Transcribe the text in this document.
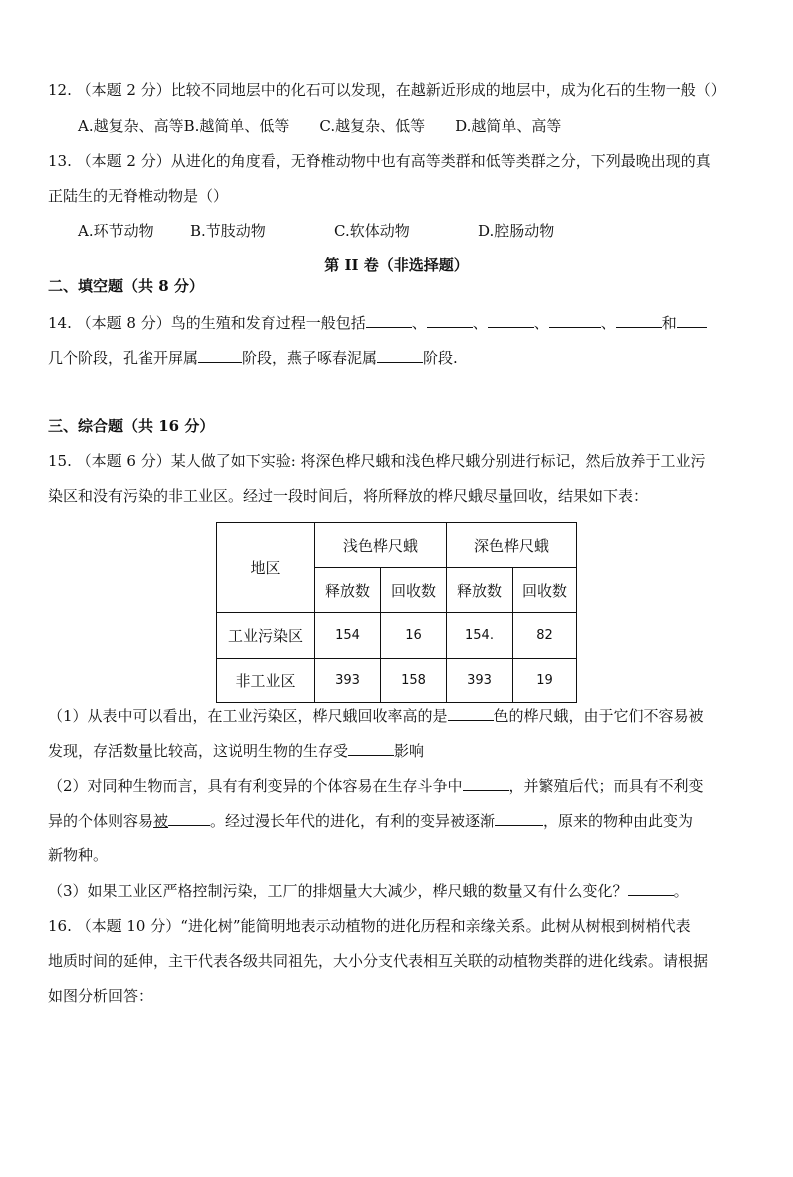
12. （本题 2 分）比较不同地层中的化石可以发现，在越新近形成的地层中，成为化石的生物一般（）
A.越复杂、高等B.越简单、低等 C.越复杂、低等 D.越简单、高等
13. （本题 2 分）从进化的角度看，无脊椎动物中也有高等类群和低等类群之分，下列最晚出现的真
正陆生的无脊椎动物是（）
A.环节动物 B.节肢动物	C.软体动物	D.腔肠动物
第 II 卷（非选择题）
二、填空题（共 8 分）
14. （本题 8 分）鸟的生殖和发育过程一般包括	、	、	、	、	和
几个阶段，孔雀开屏属	阶段，燕子啄春泥属	阶段.
三、综合题（共 16 分）
15. （本题 6 分）某人做了如下实验: 将深色桦尺蛾和浅色桦尺蛾分别进行标记，然后放养于工业污
染区和没有污染的非工业区。经过一段时间后，将所释放的桦尺蛾尽量回收，结果如下表：
地区	浅色桦尺蛾		深色桦尺蛾	
	释放数	回收数	释放数	回收数
工业污染区	154	16	154.	82
非工业区	393	158	393	19
（1）从表中可以看出，在工业污染区，桦尺蛾回收率高的是	色的桦尺蛾，由于它们不容易被
发现，存活数量比较高，这说明生物的生存受	影响
（2）对同种生物而言，具有有利变异的个体容易在生存斗争中	，并繁殖后代；而具有不利变
异的个体则容易被	。经过漫长年代的进化，有利的变异被逐渐	，原来的物种由此变为
新物种。
（3）如果工业区严格控制污染，工厂的排烟量大大减少，桦尺蛾的数量又有什么变化？	。
16. （本题 10 分）“进化树”能简明地表示动植物的进化历程和亲缘关系。此树从树根到树梢代表
地质时间的延伸，主干代表各级共同祖先，大小分支代表相互关联的动植物类群的进化线索。请根据
如图分析回答：
